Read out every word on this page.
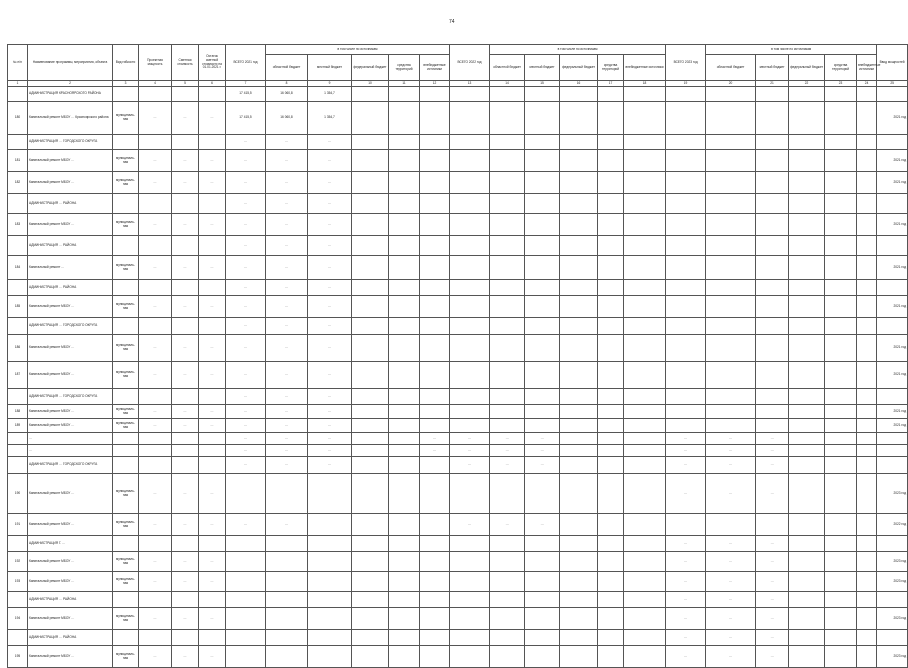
74
№ п/п	Наименование программы, мероприятия, объекта	Вид гибкости	Проектная мощность	Сметная стоимость	Остаток сметной стоимости на 01.01.2021 г.	ВСЕГО 2021 год	в том числе по источникам					ВСЕГО 2022 год	в том числе по источникам					ВСЕГО 2023 год	в том числе по источникам					Ввод мощностей
							областной бюджет	местный бюджет	федеральный бюджет	средства территорий	внебюджетные источники		областной бюджет	местный бюджет	федеральный бюджет	средства территорий	внебюджетные источники		областной бюджет	местный бюджет	федеральный бюджет	средства территорий	внебюджетные источники	
1	2	3	4	5	6	7	8	9	10	11	12	13	14	15	16	17	18	19	20	21	22	23	24	25
	АДМИНИСТРАЦИЯ КРАСНОЯРСКОГО РАЙОНА					17 415,5	16 060,8	1 354,7																
180	Капитальный ремонт МБОУ … Красноярского района	муниципаль-ная	…	…	…	17 415,5	16 060,8	1 354,7																2021 год
	АДМИНИСТРАЦИЯ … ГОРОДСКОГО ОКРУГА					…	…	…																
181	Капитальный ремонт МБОУ …	муниципаль-ная	…	…	…	…	…	…																2021 год
182	Капитальный ремонт МБОУ …	муниципаль-ная	…	…	…	…	…	…																2021 год
	АДМИНИСТРАЦИЯ … РАЙОНА					…	…	…																
183	Капитальный ремонт МБОУ …	муниципаль-ная	…	…	…	…	…	…																2021 год
	АДМИНИСТРАЦИЯ … РАЙОНА					…	…	…																
184	Капитальный ремонт …	муниципаль-ная	…	…	…	…	…	…																2021 год
	АДМИНИСТРАЦИЯ … РАЙОНА					…	…	…																
185	Капитальный ремонт МБОУ …	муниципаль-ная	…	…	…	…	…	…																2021 год
	АДМИНИСТРАЦИЯ … ГОРОДСКОГО ОКРУГА					…	…	…																
186	Капитальный ремонт МБОУ …	муниципаль-ная	…	…	…	…	…	…																2021 год
187	Капитальный ремонт МБОУ …	муниципаль-ная	…	…	…	…	…	…																2021 год
	АДМИНИСТРАЦИЯ … ГОРОДСКОГО ОКРУГА					…	…	…																
188	Капитальный ремонт МБОУ …	муниципаль-ная	…	…	…	…	…	…																2021 год
189	Капитальный ремонт МБОУ …	муниципаль-ная	…	…	…	…	…	…																2021 год
	…					…	…	…			…	…	…	…				…	…	…				
	…					…	…	…			…	…	…	…				…	…	…				
	АДМИНИСТРАЦИЯ … ГОРОДСКОГО ОКРУГА					…	…	…				…	…	…				…	…	…				
190	Капитальный ремонт МБОУ …	муниципаль-ная	…	…	…													…	…	…				2023 год
191	Капитальный ремонт МБОУ …	муниципаль-ная	…	…	…	…	…					…	…	…										2022 год
	АДМИНИСТРАЦИЯ Г. …																	…	…	…				
192	Капитальный ремонт МБОУ …	муниципаль-ная	…	…	…													…	…	…				2023 год
193	Капитальный ремонт МБОУ …	муниципаль-ная	…	…	…													…	…	…				2023 год
	АДМИНИСТРАЦИЯ … РАЙОНА																	…	…	…				
194	Капитальный ремонт МБОУ …	муниципаль-ная	…	…	…													…	…	…				2023 год
	АДМИНИСТРАЦИЯ … РАЙОНА																	…	…	…				
195	Капитальный ремонт МБОУ …	муниципаль-ная	…	…	…													…	…	…				2023 год
